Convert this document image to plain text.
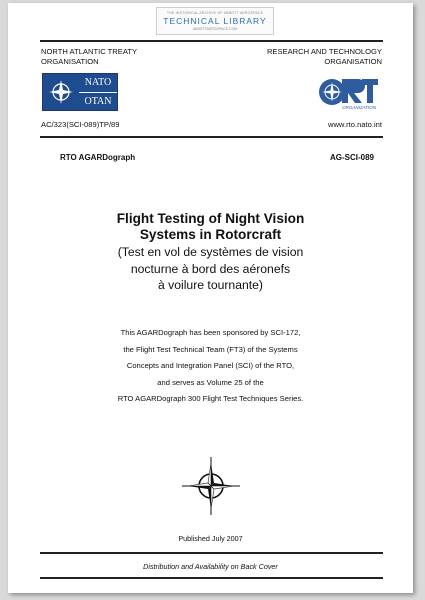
THE HISTORICAL ARCHIVE OF ABBOTT AEROSPACE
TECHNICAL LIBRARY
ABBOTTAEROSPACE.COM
NORTH ATLANTIC TREATY
ORGANISATION
RESEARCH AND TECHNOLOGY
ORGANISATION
NATO
OTAN
ORGANIZATION
AC/323(SCI-089)TP/89	www.rto.nato.int
RTO AGARDograph	AG-SCI-089
Flight Testing of Night Vision
Systems in Rotorcraft
(Test en vol de systèmes de vision
nocturne à bord des aéronefs
à voilure tournante)
This AGARDograph has been sponsored by SCI-172,
the Flight Test Technical Team (FT3) of the Systems
Concepts and Integration Panel (SCI) of the RTO,
and serves as Volume 25 of the
RTO AGARDograph 300 Flight Test Techniques Series.
Published July 2007
Distribution and Availability on Back Cover
